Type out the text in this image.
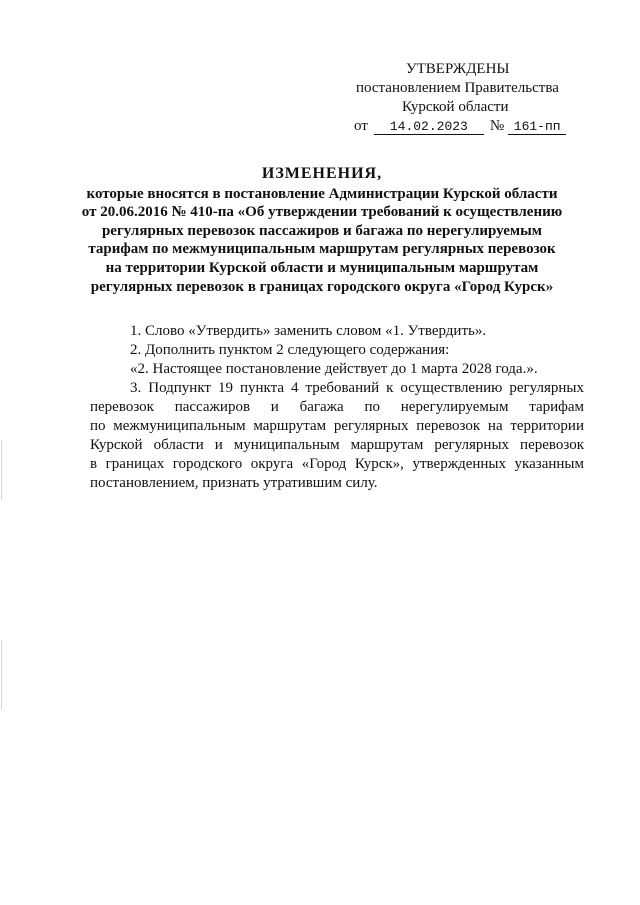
УТВЕРЖДЕНЫ
постановлением Правительства
Курской области
от 14.02.2023 № 161-пп
ИЗМЕНЕНИЯ,
которые вносятся в постановление Администрации Курской области
от 20.06.2016 № 410-па «Об утверждении требований к осуществлению
регулярных перевозок пассажиров и багажа по нерегулируемым
тарифам по межмуниципальным маршрутам регулярных перевозок
на территории Курской области и муниципальным маршрутам
регулярных перевозок в границах городского округа «Город Курск»
1. Слово «Утвердить» заменить словом «1. Утвердить».
2. Дополнить пунктом 2 следующего содержания:
«2. Настоящее постановление действует до 1 марта 2028 года.».
3. Подпункт 19 пункта 4 требований к осуществлению регулярных
перевозок пассажиров и багажа по нерегулируемым тарифам
по межмуниципальным маршрутам регулярных перевозок на территории
Курской области и муниципальным маршрутам регулярных перевозок
в границах городского округа «Город Курск», утвержденных указанным
постановлением, признать утратившим силу.
